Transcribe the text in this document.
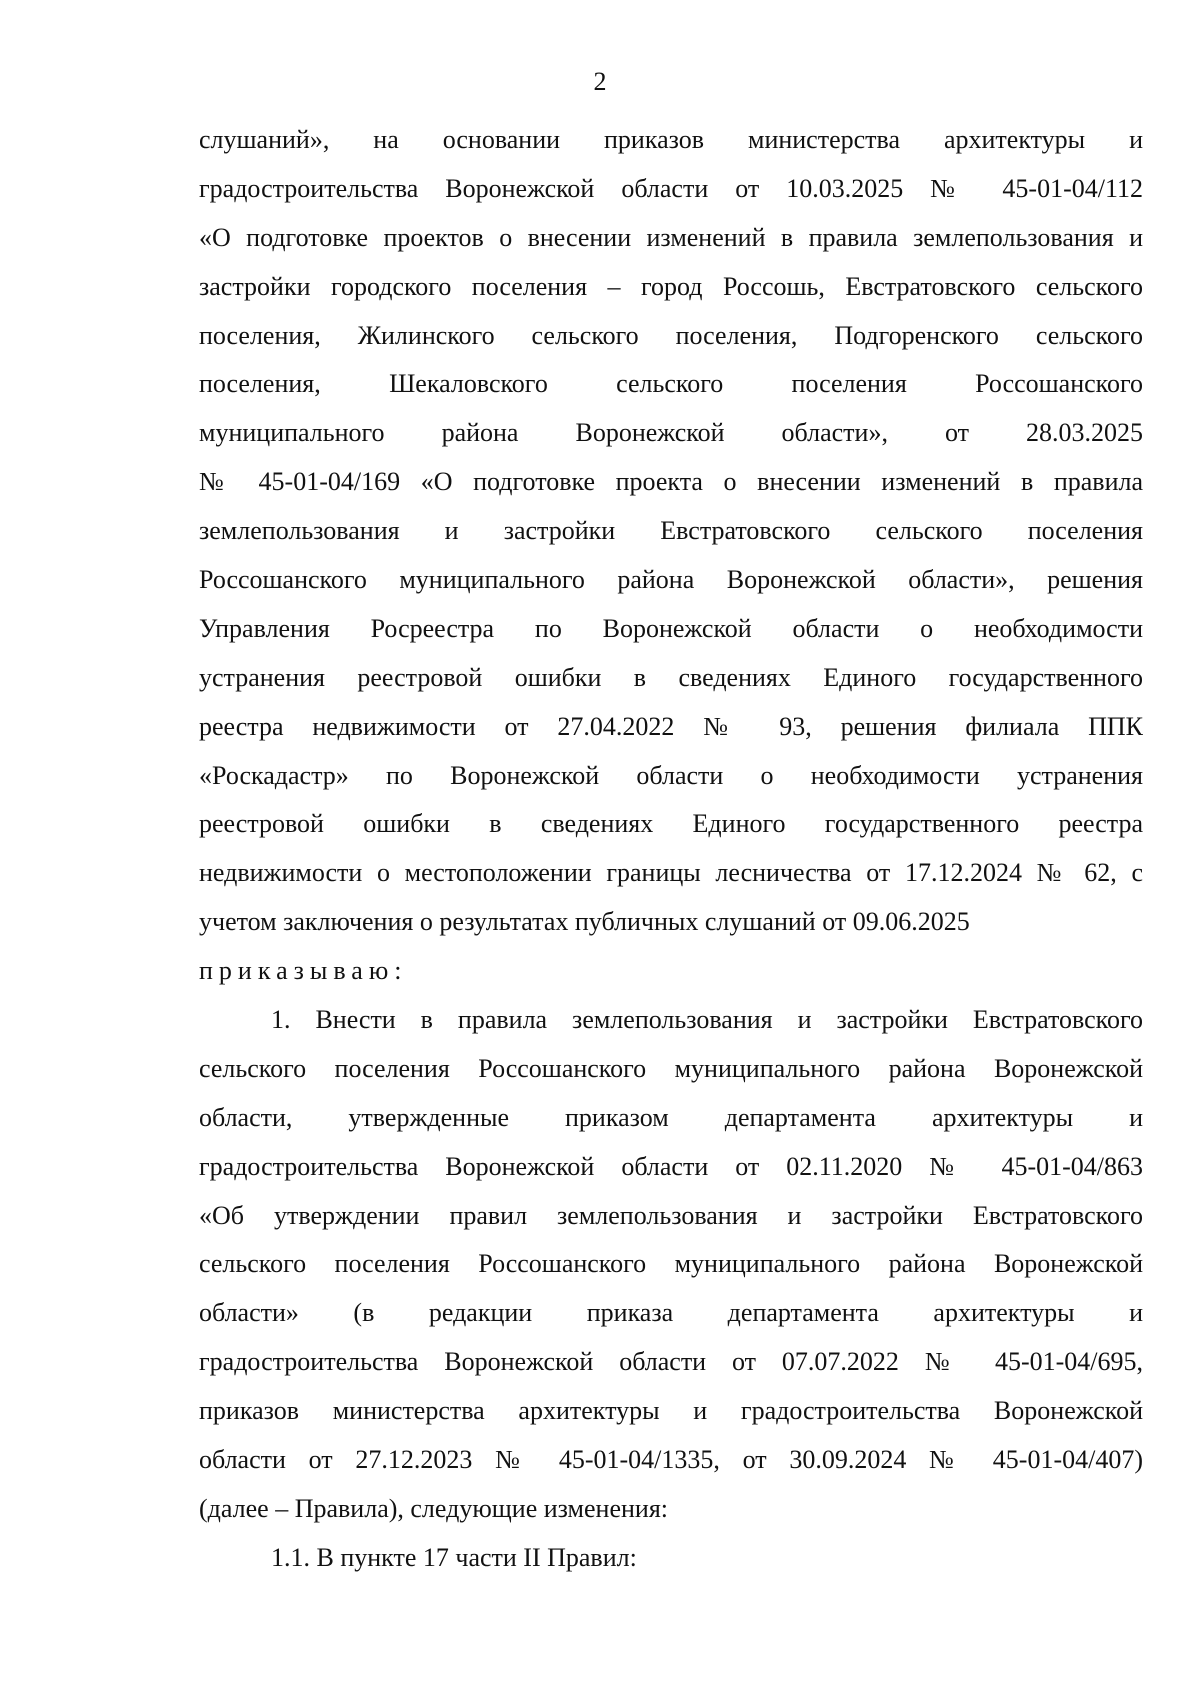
2
слушаний», на основании приказов министерства архитектуры и
градостроительства Воронежской области от 10.03.2025 № 45-01-04/112
«О подготовке проектов о внесении изменений в правила землепользования и
застройки городского поселения – город Россошь, Евстратовского сельского
поселения, Жилинского сельского поселения, Подгоренского сельского
поселения, Шекаловского сельского поселения Россошанского
муниципального района Воронежской области», от 28.03.2025
№ 45-01-04/169 «О подготовке проекта о внесении изменений в правила
землепользования и застройки Евстратовского сельского поселения
Россошанского муниципального района Воронежской области», решения
Управления Росреестра по Воронежской области о необходимости
устранения реестровой ошибки в сведениях Единого государственного
реестра недвижимости от 27.04.2022 № 93, решения филиала ППК
«Роскадастр» по Воронежской области о необходимости устранения
реестровой ошибки в сведениях Единого государственного реестра
недвижимости о местоположении границы лесничества от 17.12.2024 № 62, с
учетом заключения о результатах публичных слушаний от 09.06.2025
приказываю:
1. Внести в правила землепользования и застройки Евстратовского
сельского поселения Россошанского муниципального района Воронежской
области, утвержденные приказом департамента архитектуры и
градостроительства Воронежской области от 02.11.2020 № 45-01-04/863
«Об утверждении правил землепользования и застройки Евстратовского
сельского поселения Россошанского муниципального района Воронежской
области» (в редакции приказа департамента архитектуры и
градостроительства Воронежской области от 07.07.2022 № 45-01-04/695,
приказов министерства архитектуры и градостроительства Воронежской
области от 27.12.2023 № 45-01-04/1335, от 30.09.2024 № 45-01-04/407)
(далее – Правила), следующие изменения:
1.1. В пункте 17 части II Правил:
